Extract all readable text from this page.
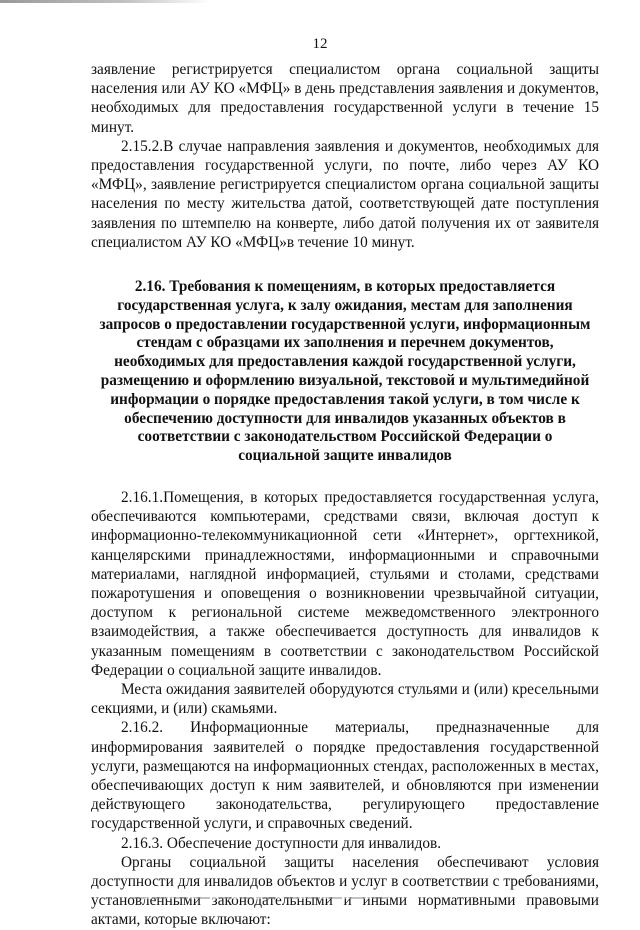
12

заявление регистрируется специалистом органа социальной защиты населения или АУ КО «МФЦ» в день представления заявления и документов, необходимых для предоставления государственной услуги в течение 15 минут.

2.15.2.В случае направления заявления и документов, необходимых для предоставления государственной услуги, по почте, либо через АУ КО «МФЦ», заявление регистрируется специалистом органа социальной защиты населения по месту жительства датой, соответствующей дате поступления заявления по штемпелю на конверте, либо датой получения их от заявителя специалистом АУ КО «МФЦ»в течение 10 минут.

2.16. Требования к помещениям, в которых предоставляется государственная услуга, к залу ожидания, местам для заполнения запросов о предоставлении государственной услуги, информационным стендам с образцами их заполнения и перечнем документов, необходимых для предоставления каждой государственной услуги, размещению и оформлению визуальной, текстовой и мультимедийной информации о порядке предоставления такой услуги, в том числе к обеспечению доступности для инвалидов указанных объектов в соответствии с законодательством Российской Федерации о социальной защите инвалидов

2.16.1.Помещения, в которых предоставляется государственная услуга, обеспечиваются компьютерами, средствами связи, включая доступ к информационно-телекоммуникационной сети «Интернет», оргтехникой, канцелярскими принадлежностями, информационными и справочными материалами, наглядной информацией, стульями и столами, средствами пожаротушения и оповещения о возникновении чрезвычайной ситуации, доступом к региональной системе межведомственного электронного взаимодействия, а также обеспечивается доступность для инвалидов к указанным помещениям в соответствии с законодательством Российской Федерации о социальной защите инвалидов.

Места ожидания заявителей оборудуются стульями и (или) кресельными секциями, и (или) скамьями.

2.16.2. Информационные материалы, предназначенные для информирования заявителей о порядке предоставления государственной услуги, размещаются на информационных стендах, расположенных в местах, обеспечивающих доступ к ним заявителей, и обновляются при изменении действующего законодательства, регулирующего предоставление государственной услуги, и справочных сведений.

2.16.3. Обеспечение доступности для инвалидов.

Органы социальной защиты населения обеспечивают условия доступности для инвалидов объектов и услуг в соответствии с требованиями, установленными законодательными и иными нормативными правовыми актами, которые включают:
